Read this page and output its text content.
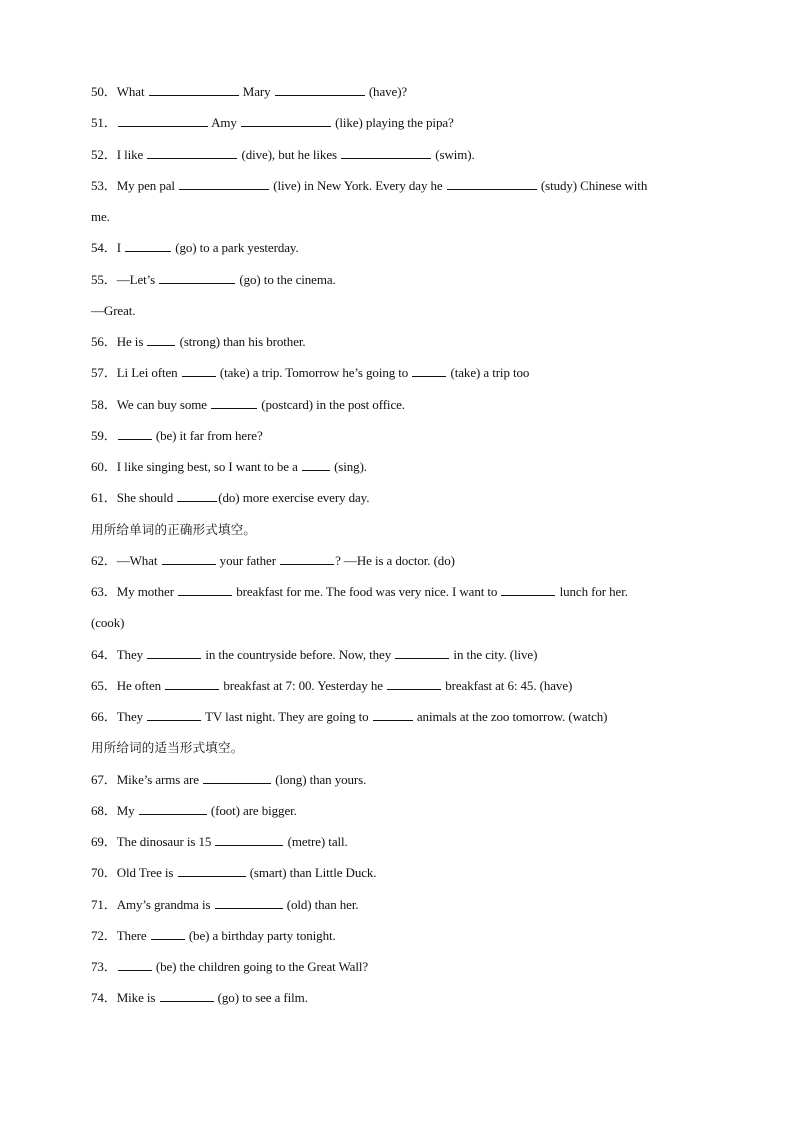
50．What	Mary	(have)?
51．	Amy	(like) playing the pipa?
52．I like	(dive), but he likes	(swim).
53．My pen pal	(live) in New York. Every day he	(study) Chinese with
me.
54．I	(go) to a park yesterday.
55．—Let’s	(go) to the cinema.
—Great.
56．He is  (strong) than his brother.
57．Li Lei often	(take) a trip. Tomorrow he’s going to	(take) a trip too
58．We can buy some	(postcard) in the post office.
59．	(be) it far from here?
60．I like singing best, so I want to be a  (sing).
61．She should	(do) more exercise every day.
用所给单词的正确形式填空。
62．—What	your father	? —He is a doctor. (do)
63．My mother	breakfast for me. The food was very nice. I want to	lunch for her.
(cook)
64．They	in the countryside before. Now, they	in the city. (live)
65．He often	breakfast at 7: 00. Yesterday he	breakfast at 6: 45. (have)
66．They	TV last night. They are going to	animals at the zoo tomorrow. (watch)
用所给词的适当形式填空。
67．Mike’s arms are	(long) than yours.
68．My	(foot) are bigger.
69．The dinosaur is 15	(metre) tall.
70．Old Tree is	(smart) than Little Duck.
71．Amy’s grandma is	(old) than her.
72．There	(be) a birthday party tonight.
73．	(be) the children going to the Great Wall?
74．Mike is	(go) to see a film.
